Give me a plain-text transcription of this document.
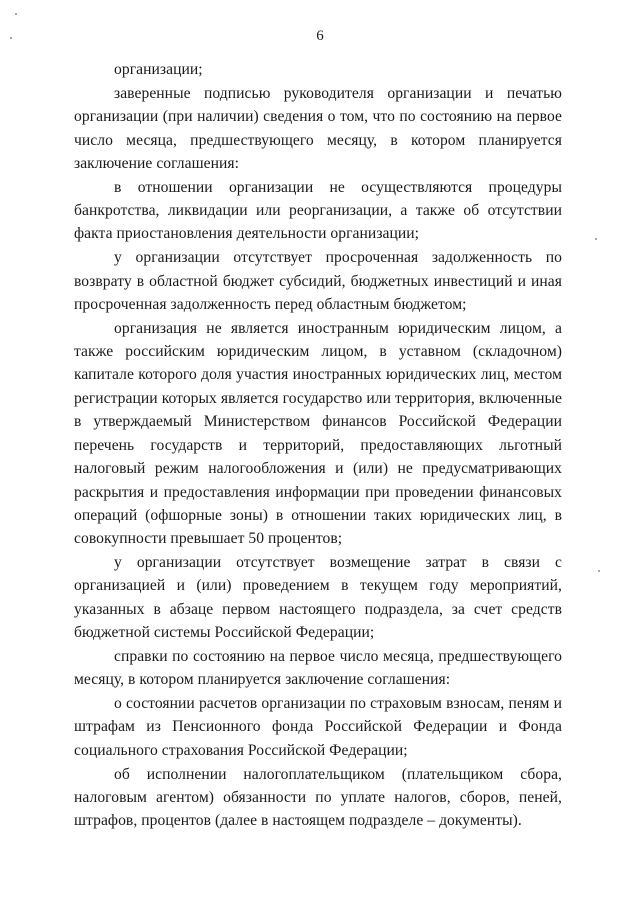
6

организации;

заверенные подписью руководителя организации и печатью организации (при наличии) сведения о том, что по состоянию на первое число месяца, предшествующего месяцу, в котором планируется заключение соглашения:

в отношении организации не осуществляются процедуры банкротства, ликвидации или реорганизации, а также об отсутствии факта приостановления деятельности организации;

у организации отсутствует просроченная задолженность по возврату в областной бюджет субсидий, бюджетных инвестиций и иная просроченная задолженность перед областным бюджетом;

организация не является иностранным юридическим лицом, а также российским юридическим лицом, в уставном (складочном) капитале которого доля участия иностранных юридических лиц, местом регистрации которых является государство или территория, включенные в утверждаемый Министерством финансов Российской Федерации перечень государств и территорий, предоставляющих льготный налоговый режим налогообложения и (или) не предусматривающих раскрытия и предоставления информации при проведении финансовых операций (офшорные зоны) в отношении таких юридических лиц, в совокупности превышает 50 процентов;

у организации отсутствует возмещение затрат в связи с организацией и (или) проведением в текущем году мероприятий, указанных в абзаце первом настоящего подраздела, за счет средств бюджетной системы Российской Федерации;

справки по состоянию на первое число месяца, предшествующего месяцу, в котором планируется заключение соглашения:

о состоянии расчетов организации по страховым взносам, пеням и штрафам из Пенсионного фонда Российской Федерации и Фонда социального страхования Российской Федерации;

об исполнении налогоплательщиком (плательщиком сбора, налоговым агентом) обязанности по уплате налогов, сборов, пеней, штрафов, процентов (далее в настоящем подразделе – документы).
